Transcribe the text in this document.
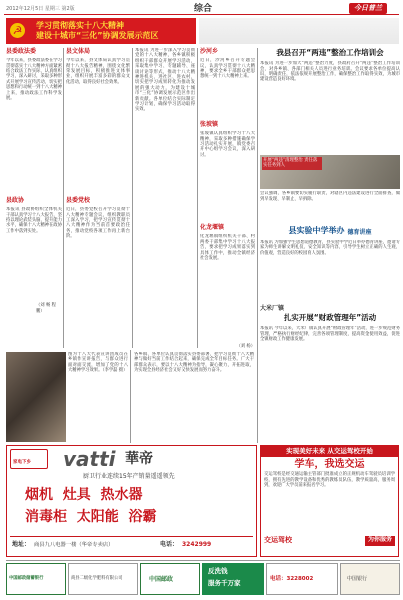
2012年12月5日 星期三 第2版	综合	今日普兰
☭	学习贯彻落实十八大精神
建设十城市“三化”协调发展示范区
县委政法委
今年以来，县委政法委在学习贯彻落实十八大精神方面紧密结合政法工作实际，认真组织学习，深入研讨，采取多种形式开展学习宣传活动，切实把思想和行动统一到十八大精神上来，推动政法工作科学发展。
县政协
本报讯 县政协组织全体机关干部认真学习十八大报告，坚持以理论武装头脑，提升能力水平，确保十八大精神在政协工作中落到实处。
（刘 畅 程鹏）
县文体局
今年以来，县文体局认真学习贯彻十八大报告精神，围绕文化繁荣发展目标，积极推进文体事业，组织开展丰富多彩的群众文化活动，取得良好社会效果。
县委党校
近日，县委党校召开学习贯彻十八大精神专题会议，组织教职员工深入学习，把学习宣传贯彻十八大精神作为当前首要政治任务，推动党校各项工作再上新台阶。
本报讯 为进一步深入学习贯彻党的十八大精神，各乡镇积极组织干部群众开展学习活动，采取集中学习、专题辅导、座谈讨论等形式，推动十八大精神进机关、进社区、进农村，切实把学习成果转化为推动发展的强大动力，为建设十城市“三化”协调发展示范区作出新贡献。各单位结合实际制定学习计划，确保学习活动取得实效。
沙河乡
近日，沙河乡召开专题会议，认真学习贯彻十八大精神，要求全乡干部群众把思想统一到十八大精神上来。
张坡镇
张坡镇认真组织学习十八大精神，采取多种措施确保学习活动扎实开展，镇党委召开中心组学习会议，深入研讨。
化龙堰镇
化龙堰镇组织机关干部、村两委干部集中学习十八大报告，要求把学习成果落实到具体工作中，推动全镇经济社会发展。
（刘 杨）
图为十八大代表宣讲团成员在乡镇作宣讲报告，与群众进行面对面交流，增加了党的十八大精神学习效果。（李学磊 摄）
各乡镇、各单位认真贯彻落实县委部署，把学习贯彻十八大精神与做好当前工作结合起来，确保完成全年目标任务。广大干部群众表示，要以十八大精神为指导，凝心聚力，开拓进取，为实现全县经济社会又好又快发展而努力奋斗。
我县召开“两违”整治工作培训会
本报讯 为进一步加大“两违”整治力度，县政府召开“两违”整治工作培训会，对各乡镇、各部门相关人员进行业务培训。会议要求各单位提高认识，明确责任，依法依规开展整治工作，确保整治工作取得实效，为城市建设营造良好环境。
开展“两违”清理整治 责任落实任务到人
会议强调，各乡镇要切实履行职责，对辖区内违法建设进行全面排查，做到早发现、早制止、早拆除。
县实验中学举办 德育讲座
本报讯 为加强学生思想道德教育，县实验中学近日举办德育讲座，邀请专家为师生讲解文明礼仪、安全知识等内容，引导学生树立正确的人生观、价值观，营造良好的校园育人氛围。
大米厂镇
扎实开展“财政管理年”活动
本报讯 今年以来，大米厂镇认真开展“财政管理年”活动，进一步规范财务管理，严格执行财经纪律，完善各项管理制度，提高资金使用效益，促进全镇财政工作健康发展。
实现美好未来 从交运驾校开始
学车，我选交运
交运驾校是经交通运输主管部门批准成立的正规机动车驾驶员培训学校，拥有先进的教学设备和优秀的教练员队伍，教学质量高，服务周到，欢迎广大学员前来报名学习。
交运驾校	为你服务
家电下乡 vatti 華帝
厨卫行业连续15年产销量遥遥领先
烟机  灶具  热水器
消毒柜  太阳能  浴霸
地址： 商县九八电器一楼（华帝专卖店）	电话： 3242999
中国邮政储蓄银行	商县二级化学肥料有限公司	中国邮政
反洗钱
服务千万家	电话：3228002	中国银行
